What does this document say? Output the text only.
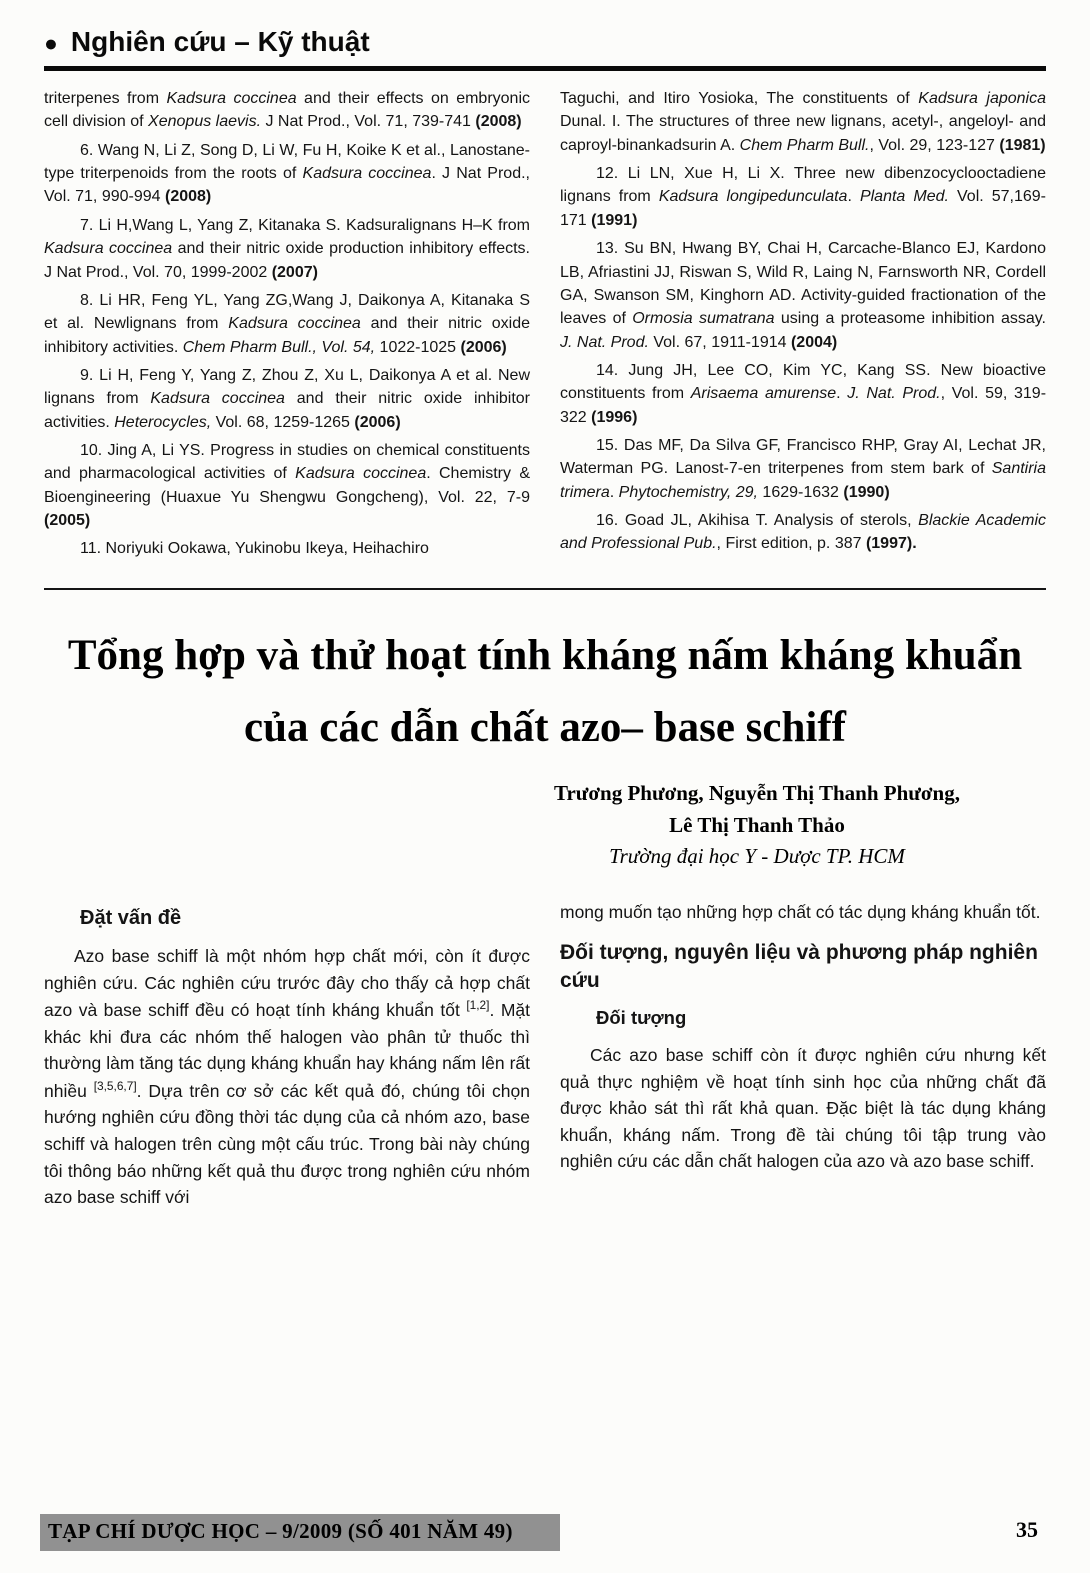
● Nghiên cứu – Kỹ thuật

triterpenes from Kadsura coccinea and their effects on embryonic cell division of Xenopus laevis. J Nat Prod., Vol. 71, 739-741 (2008)

6. Wang N, Li Z, Song D, Li W, Fu H, Koike K et al., Lanostane-type triterpenoids from the roots of Kadsura coccinea. J Nat Prod., Vol. 71, 990-994 (2008)

7. Li H,Wang L, Yang Z, Kitanaka S. Kadsuralignans H–K from Kadsura coccinea and their nitric oxide production inhibitory effects. J Nat Prod., Vol. 70, 1999-2002 (2007)

8. Li HR, Feng YL, Yang ZG,Wang J, Daikonya A, Kitanaka S et al. Newlignans from Kadsura coccinea and their nitric oxide inhibitory activities. Chem Pharm Bull., Vol. 54, 1022-1025 (2006)

9. Li H, Feng Y, Yang Z, Zhou Z, Xu L, Daikonya A et al. New lignans from Kadsura coccinea and their nitric oxide inhibitor activities. Heterocycles, Vol. 68, 1259-1265 (2006)

10. Jing A, Li YS. Progress in studies on chemical constituents and pharmacological activities of Kadsura coccinea. Chemistry & Bioengineering (Huaxue Yu Shengwu Gongcheng), Vol. 22, 7-9 (2005)

11. Noriyuki Ookawa, Yukinobu Ikeya, Heihachiro

Taguchi, and Itiro Yosioka, The constituents of Kadsura japonica Dunal. I. The structures of three new lignans, acetyl-, angeloyl- and caproyl-binankadsurin A. Chem Pharm Bull., Vol. 29, 123-127 (1981)

12. Li LN, Xue H, Li X. Three new dibenzocyclooctadiene lignans from Kadsura longipedunculata. Planta Med. Vol. 57,169-171 (1991)

13. Su BN, Hwang BY, Chai H, Carcache-Blanco EJ, Kardono LB, Afriastini JJ, Riswan S, Wild R, Laing N, Farnsworth NR, Cordell GA, Swanson SM, Kinghorn AD. Activity-guided fractionation of the leaves of Ormosia sumatrana using a proteasome inhibition assay. J. Nat. Prod. Vol. 67, 1911-1914 (2004)

14. Jung JH, Lee CO, Kim YC, Kang SS. New bioactive constituents from Arisaema amurense. J. Nat. Prod., Vol. 59, 319-322 (1996)

15. Das MF, Da Silva GF, Francisco RHP, Gray AI, Lechat JR, Waterman PG. Lanost-7-en triterpenes from stem bark of Santiria trimera. Phytochemistry, 29, 1629-1632 (1990)

16. Goad JL, Akihisa T. Analysis of sterols, Blackie Academic and Professional Pub., First edition, p. 387 (1997).

Tổng hợp và thử hoạt tính kháng nấm kháng khuẩn
của các dẫn chất azo– base schiff
Trương Phương, Nguyễn Thị Thanh Phương,
Lê Thị Thanh Thảo
Trường đại học Y - Dược TP. HCM
Đặt vấn đề

Azo base schiff là một nhóm hợp chất mới, còn ít được nghiên cứu. Các nghiên cứu trước đây cho thấy cả hợp chất azo và base schiff đều có hoạt tính kháng khuẩn tốt [1,2]. Mặt khác khi đưa các nhóm thế halogen vào phân tử thuốc thì thường làm tăng tác dụng kháng khuẩn hay kháng nấm lên rất nhiều [3,5,6,7]. Dựa trên cơ sở các kết quả đó, chúng tôi chọn hướng nghiên cứu đồng thời tác dụng của cả nhóm azo, base schiff và halogen trên cùng một cấu trúc. Trong bài này chúng tôi thông báo những kết quả thu được trong nghiên cứu nhóm azo base schiff với

mong muốn tạo những hợp chất có tác dụng kháng khuẩn tốt.

Đối tượng, nguyên liệu và phương pháp nghiên cứu
Đối tượng

Các azo base schiff còn ít được nghiên cứu nhưng kết quả thực nghiệm về hoạt tính sinh học của những chất đã được khảo sát thì rất khả quan. Đặc biệt là tác dụng kháng khuẩn, kháng nấm. Trong đề tài chúng tôi tập trung vào nghiên cứu các dẫn chất halogen của azo và azo base schiff.

TẠP CHÍ DƯỢC HỌC – 9/2009 (SỐ 401 NĂM 49)	35
